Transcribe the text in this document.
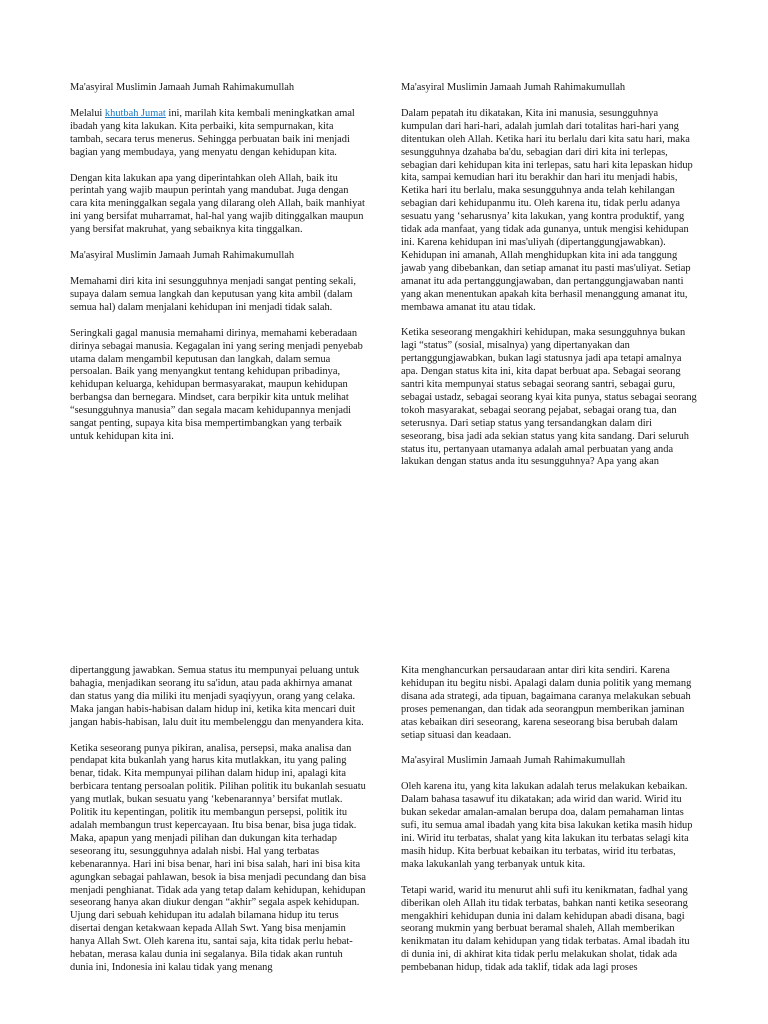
Ma'asyiral Muslimin Jamaah Jumah Rahimakumullah

Melalui khutbah Jumat ini, marilah kita kembali meningkatkan amal ibadah yang kita lakukan. Kita perbaiki, kita sempurnakan, kita tambah, secara terus menerus. Sehingga perbuatan baik ini menjadi bagian yang membudaya, yang menyatu dengan kehidupan kita.

Dengan kita lakukan apa yang diperintahkan oleh Allah, baik itu perintah yang wajib maupun perintah yang mandubat. Juga dengan cara kita meninggalkan segala yang dilarang oleh Allah, baik manhiyat ini yang bersifat muharramat, hal-hal yang wajib ditinggalkan maupun yang bersifat makruhat, yang sebaiknya kita tinggalkan.

Ma'asyiral Muslimin Jamaah Jumah Rahimakumullah

Memahami diri kita ini sesungguhnya menjadi sangat penting sekali, supaya dalam semua langkah dan keputusan yang kita ambil (dalam semua hal) dalam menjalani kehidupan ini menjadi tidak salah.

Seringkali gagal manusia memahami dirinya, memahami keberadaan dirinya sebagai manusia. Kegagalan ini yang sering menjadi penyebab utama dalam mengambil keputusan dan langkah, dalam semua persoalan. Baik yang menyangkut tentang kehidupan pribadinya, kehidupan keluarga, kehidupan bermasyarakat, maupun kehidupan berbangsa dan bernegara. Mindset, cara berpikir kita untuk melihat “sesungguhnya manusia” dan segala macam kehidupannya menjadi sangat penting, supaya kita bisa mempertimbangkan yang terbaik untuk kehidupan kita ini.

Ma'asyiral Muslimin Jamaah Jumah Rahimakumullah

Dalam pepatah itu dikatakan, Kita ini manusia, sesungguhnya kumpulan dari hari-hari, adalah jumlah dari totalitas hari-hari yang ditentukan oleh Allah. Ketika hari itu berlalu dari kita satu hari, maka sesungguhnya dzahaba ba'du, sebagian dari diri kita ini terlepas, sebagian dari kehidupan kita ini terlepas, satu hari kita lepaskan hidup kita, sampai kemudian hari itu berakhir dan hari itu menjadi habis, Ketika hari itu berlalu, maka sesungguhnya anda telah kehilangan sebagian dari kehidupanmu itu. Oleh karena itu, tidak perlu adanya sesuatu yang ‘seharusnya’ kita lakukan, yang kontra produktif, yang tidak ada manfaat, yang tidak ada gunanya, untuk mengisi kehidupan ini. Karena kehidupan ini mas'uliyah (dipertanggungjawabkan). Kehidupan ini amanah, Allah menghidupkan kita ini ada tanggung jawab yang dibebankan, dan setiap amanat itu pasti mas'uliyat. Setiap amanat itu ada pertanggungjawaban, dan pertanggungjawaban nanti yang akan menentukan apakah kita berhasil menanggung amanat itu, membawa amanat itu atau tidak.

Ketika seseorang mengakhiri kehidupan, maka sesungguhnya bukan lagi “status” (sosial, misalnya) yang dipertanyakan dan pertanggungjawabkan, bukan lagi statusnya jadi apa tetapi amalnya apa. Dengan status kita ini, kita dapat berbuat apa. Sebagai seorang santri kita mempunyai status sebagai seorang santri, sebagai guru, sebagai ustadz, sebagai seorang kyai kita punya, status sebagai seorang tokoh masyarakat, sebagai seorang pejabat, sebagai orang tua, dan seterusnya. Dari setiap status yang tersandangkan dalam diri seseorang, bisa jadi ada sekian status yang kita sandang. Dari seluruh status itu, pertanyaan utamanya adalah amal perbuatan yang anda lakukan dengan status anda itu sesungguhnya? Apa yang akan

dipertanggung jawabkan. Semua status itu mempunyai peluang untuk bahagia, menjadikan seorang itu sa'idun, atau pada akhirnya amanat dan status yang dia miliki itu menjadi syaqiyyun, orang yang celaka. Maka jangan habis-habisan dalam hidup ini, ketika kita mencari duit jangan habis-habisan, lalu duit itu membelenggu dan menyandera kita.

Ketika seseorang punya pikiran, analisa, persepsi, maka analisa dan pendapat kita bukanlah yang harus kita mutlakkan, itu yang paling benar, tidak. Kita mempunyai pilihan dalam hidup ini, apalagi kita berbicara tentang persoalan politik. Pilihan politik itu bukanlah sesuatu yang mutlak, bukan sesuatu yang ‘kebenarannya’ bersifat mutlak. Politik itu kepentingan, politik itu membangun persepsi, politik itu adalah membangun trust kepercayaan. Itu bisa benar, bisa juga tidak. Maka, apapun yang menjadi pilihan dan dukungan kita terhadap seseorang itu, sesungguhnya adalah nisbi. Hal yang terbatas kebenarannya. Hari ini bisa benar, hari ini bisa salah, hari ini bisa kita agungkan sebagai pahlawan, besok ia bisa menjadi pecundang dan bisa menjadi penghianat. Tidak ada yang tetap dalam kehidupan, kehidupan seseorang hanya akan diukur dengan “akhir” segala aspek kehidupan. Ujung dari sebuah kehidupan itu adalah bilamana hidup itu terus disertai dengan ketakwaan kepada Allah Swt. Yang bisa menjamin hanya Allah Swt. Oleh karena itu, santai saja, kita tidak perlu hebat-hebatan, merasa kalau dunia ini segalanya. Bila tidak akan runtuh dunia ini, Indonesia ini kalau tidak yang menang

Kita menghancurkan persaudaraan antar diri kita sendiri. Karena kehidupan itu begitu nisbi. Apalagi dalam dunia politik yang memang disana ada strategi, ada tipuan, bagaimana caranya melakukan sebuah proses pemenangan, dan tidak ada seorangpun memberikan jaminan atas kebaikan diri seseorang, karena seseorang bisa berubah dalam setiap situasi dan keadaan.

Ma'asyiral Muslimin Jamaah Jumah Rahimakumullah

Oleh karena itu, yang kita lakukan adalah terus melakukan kebaikan. Dalam bahasa tasawuf itu dikatakan; ada wirid dan warid. Wirid itu bukan sekedar amalan-amalan berupa doa, dalam pemahaman lintas sufi, itu semua amal ibadah yang kita bisa lakukan ketika masih hidup ini. Wirid itu terbatas, shalat yang kita lakukan itu terbatas selagi kita masih hidup. Kita berbuat kebaikan itu terbatas, wirid itu terbatas, maka lakukanlah yang terbanyak untuk kita.

Tetapi warid, warid itu menurut ahli sufi itu kenikmatan, fadhal yang diberikan oleh Allah itu tidak terbatas, bahkan nanti ketika seseorang mengakhiri kehidupan dunia ini dalam kehidupan abadi disana, bagi seorang mukmin yang berbuat beramal shaleh, Allah memberikan kenikmatan itu dalam kehidupan yang tidak terbatas. Amal ibadah itu di dunia ini, di akhirat kita tidak perlu melakukan sholat, tidak ada pembebanan hidup, tidak ada taklif, tidak ada lagi proses
